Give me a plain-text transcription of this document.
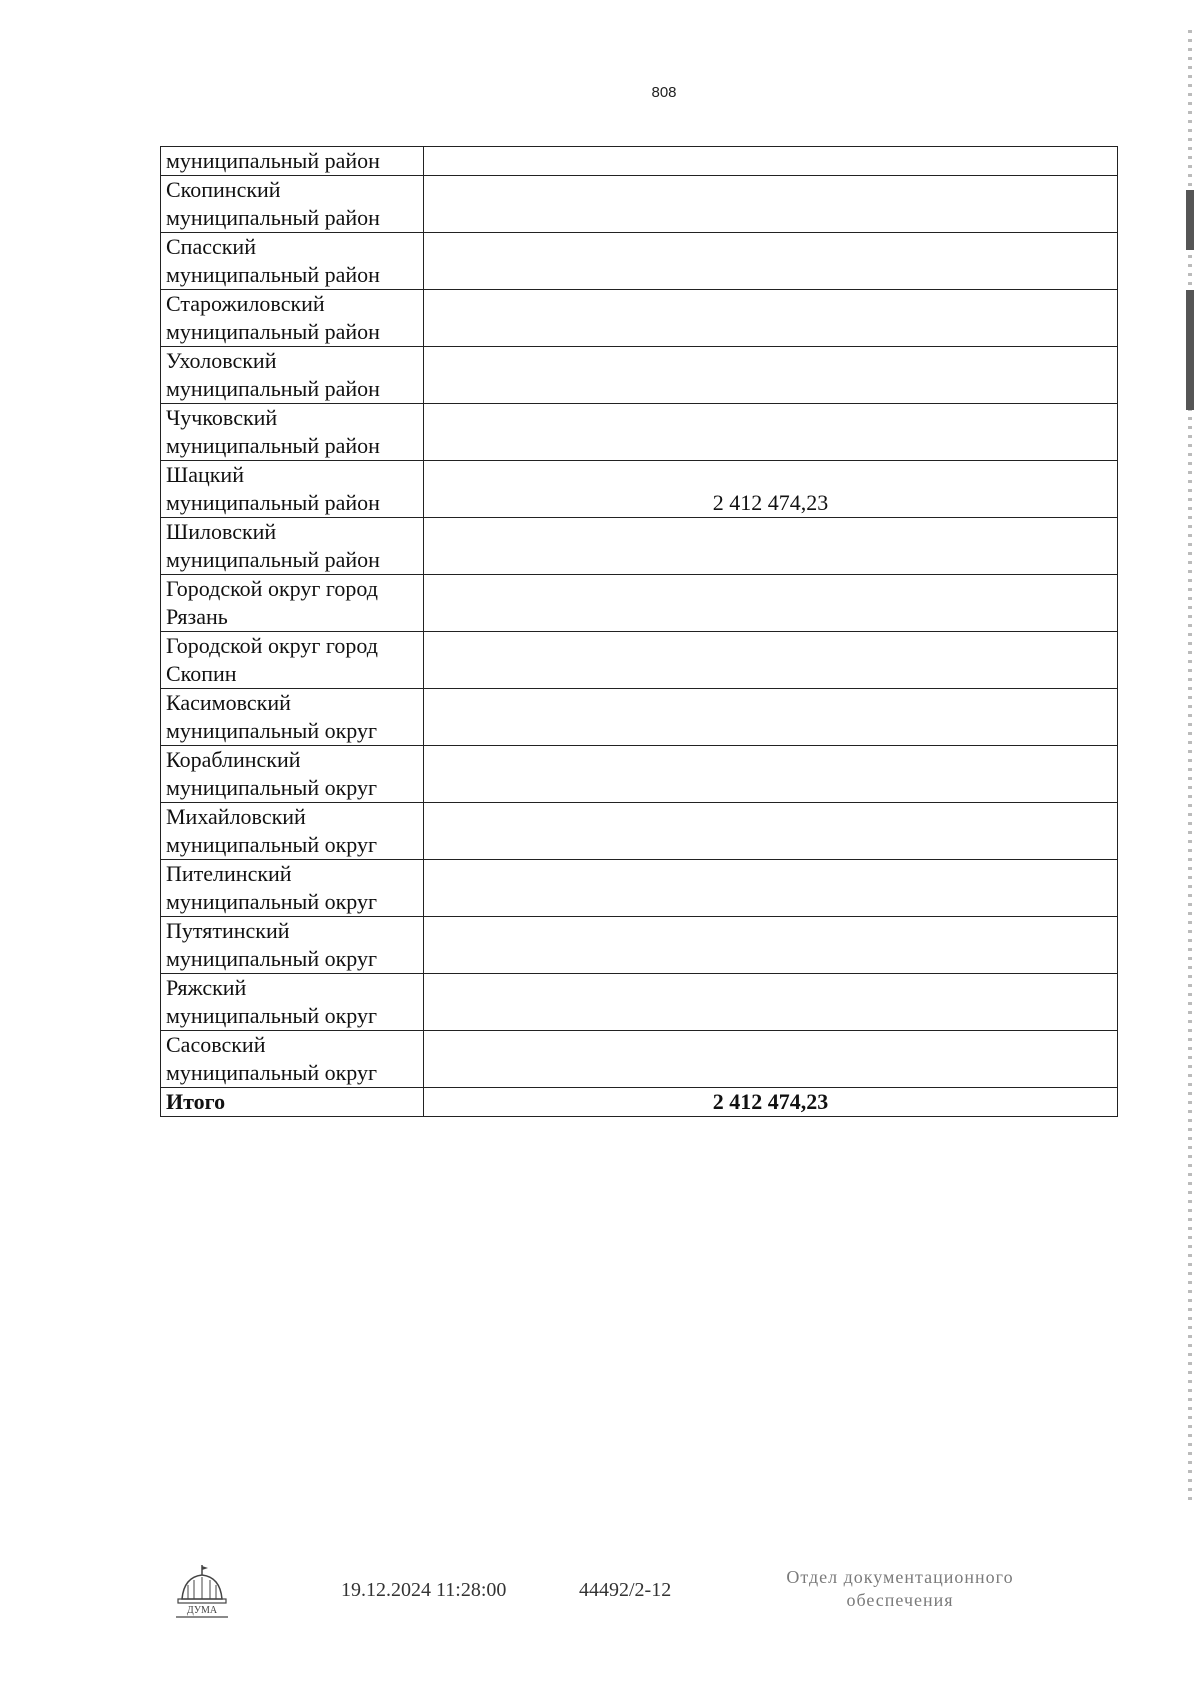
808
муниципальный район	
Скопинский
муниципальный район	
Спасский
муниципальный район	
Старожиловский
муниципальный район	
Ухоловский
муниципальный район	
Чучковский
муниципальный район	
Шацкий
муниципальный район	2 412 474,23
Шиловский
муниципальный район	
Городской округ город
Рязань	
Городской округ город
Скопин	
Касимовский
муниципальный округ	
Кораблинский
муниципальный округ	
Михайловский
муниципальный округ	
Пителинский
муниципальный округ	
Путятинский
муниципальный округ	
Ряжский
муниципальный округ	
Сасовский
муниципальный округ	
Итого	2 412 474,23
ДУМА
19.12.2024 11:28:00	44492/2-12
Отдел документационного
обеспечения
